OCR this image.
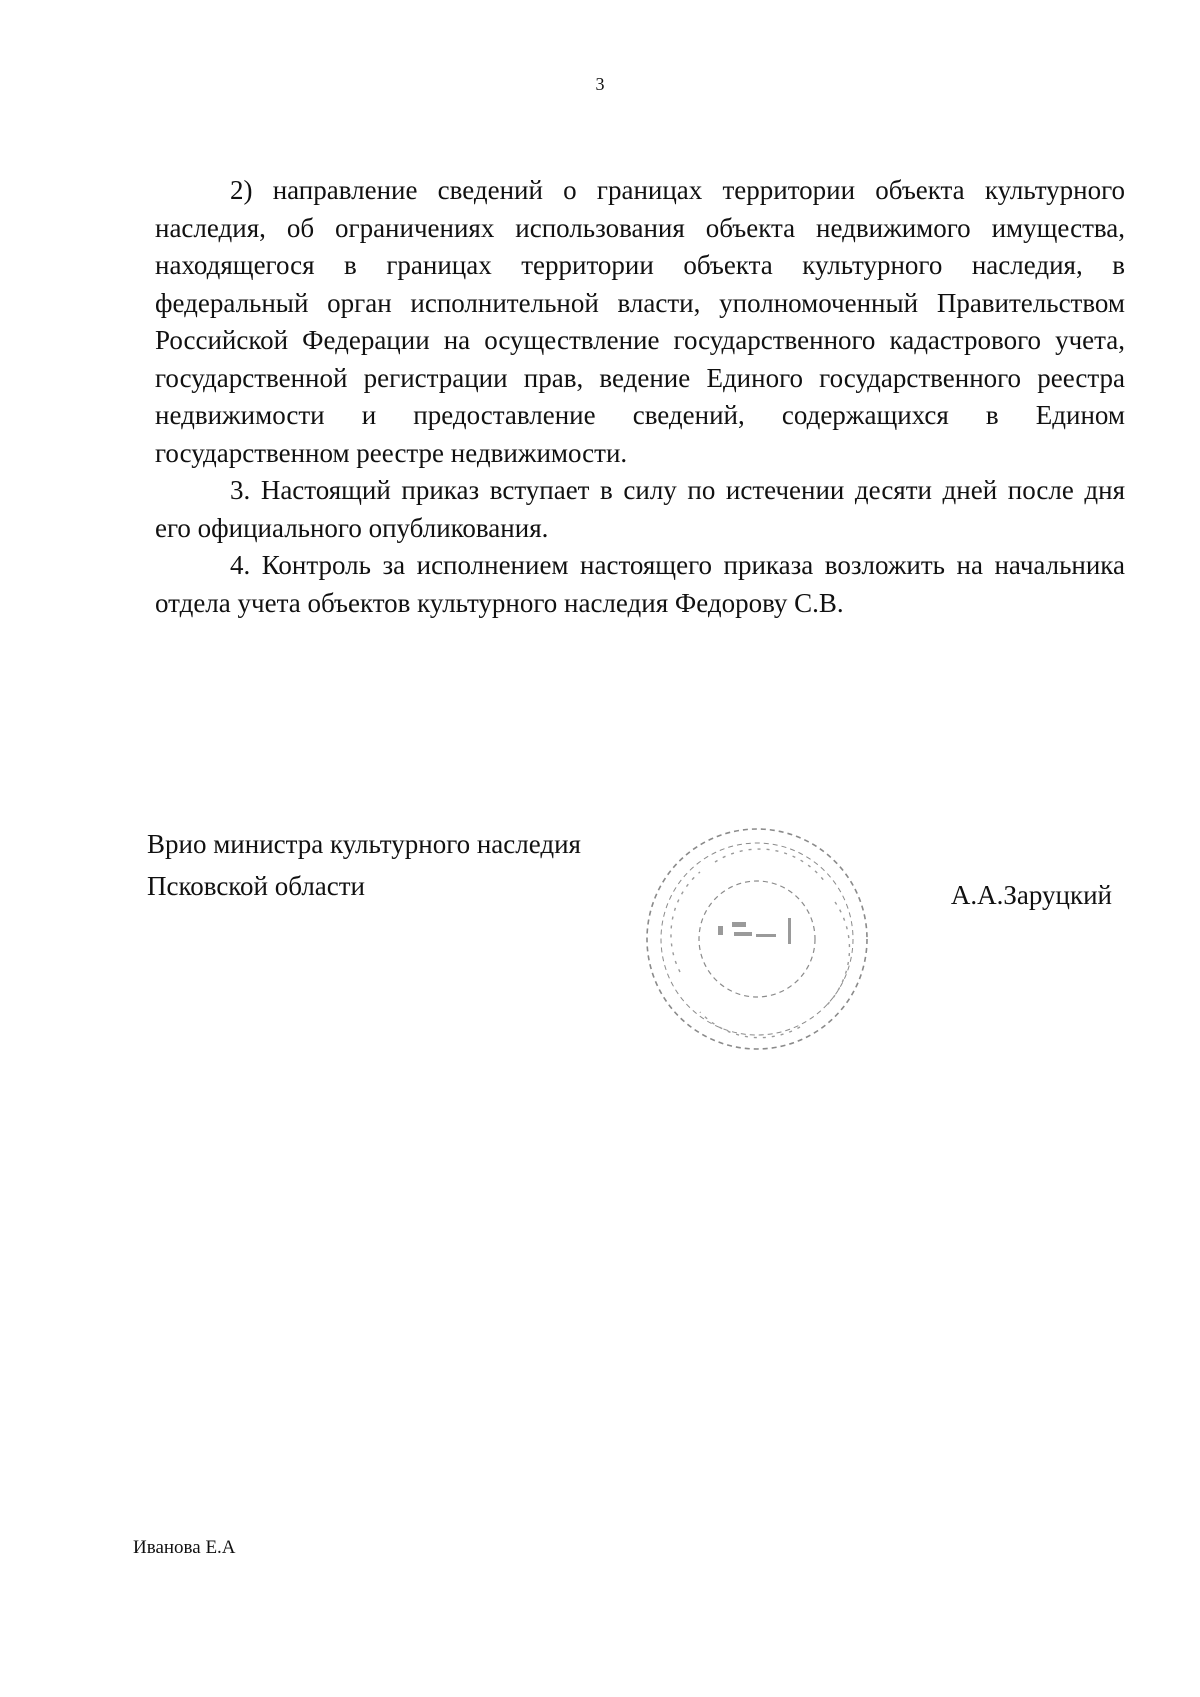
3

2) направление сведений о границах территории объекта культурного наследия, об ограничениях использования объекта недвижимого имущества, находящегося в границах территории объекта культурного наследия, в федеральный орган исполнительной власти, уполномоченный Правительством Российской Федерации на осуществление государственного кадастрового учета, государственной регистрации прав, ведение Единого государственного реестра недвижимости и предоставление сведений, содержащихся в Едином государственном реестре недвижимости.

3. Настоящий приказ вступает в силу по истечении десяти дней после дня его официального опубликования.

4. Контроль за исполнением настоящего приказа возложить на начальника отдела учета объектов культурного наследия Федорову С.В.

Врио министра культурного наследия
Псковской области	А.А.Заруцкий
Иванова Е.А
